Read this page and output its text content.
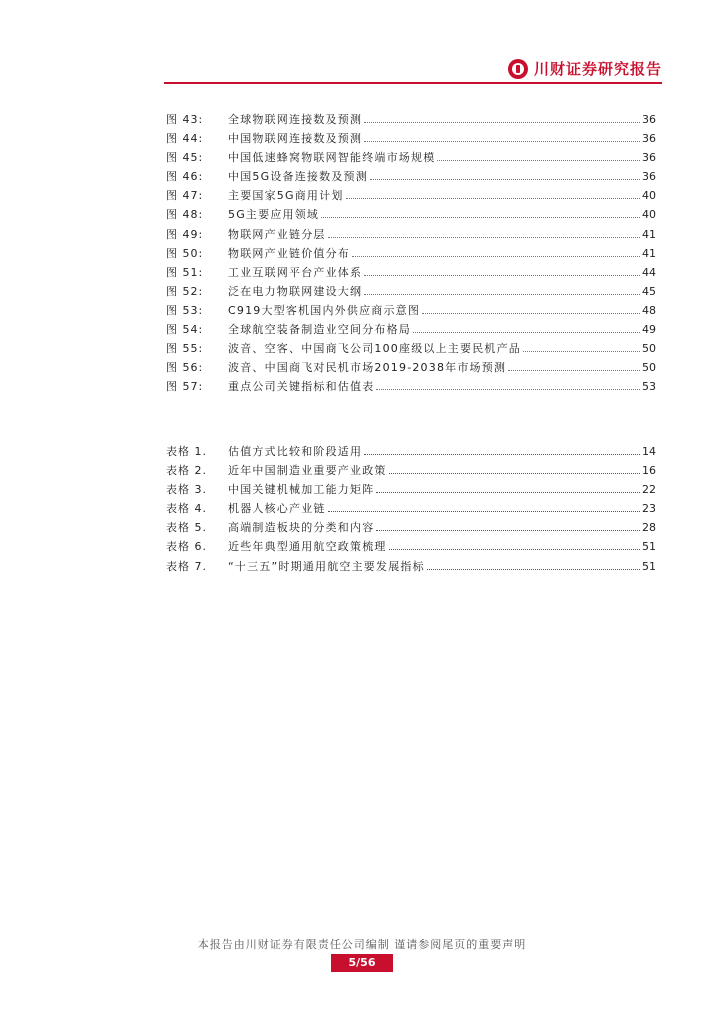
川财证券研究报告
图 43:	全球物联网连接数及预测	36
图 44:	中国物联网连接数及预测	36
图 45:	中国低速蜂窝物联网智能终端市场规模	36
图 46:	中国5G设备连接数及预测	36
图 47:	主要国家5G商用计划	40
图 48:	5G主要应用领域	40
图 49:	物联网产业链分层	41
图 50:	物联网产业链价值分布	41
图 51:	工业互联网平台产业体系	44
图 52:	泛在电力物联网建设大纲	45
图 53:	C919大型客机国内外供应商示意图	48
图 54:	全球航空装备制造业空间分布格局	49
图 55:	波音、空客、中国商飞公司100座级以上主要民机产品	50
图 56:	波音、中国商飞对民机市场2019-2038年市场预测	50
图 57:	重点公司关键指标和估值表	53
表格 1.	估值方式比较和阶段适用	14
表格 2.	近年中国制造业重要产业政策	16
表格 3.	中国关键机械加工能力矩阵	22
表格 4.	机器人核心产业链	23
表格 5.	高端制造板块的分类和内容	28
表格 6.	近些年典型通用航空政策梳理	51
表格 7.	“十三五”时期通用航空主要发展指标	51
本报告由川财证券有限责任公司编制 谨请参阅尾页的重要声明
5/56
